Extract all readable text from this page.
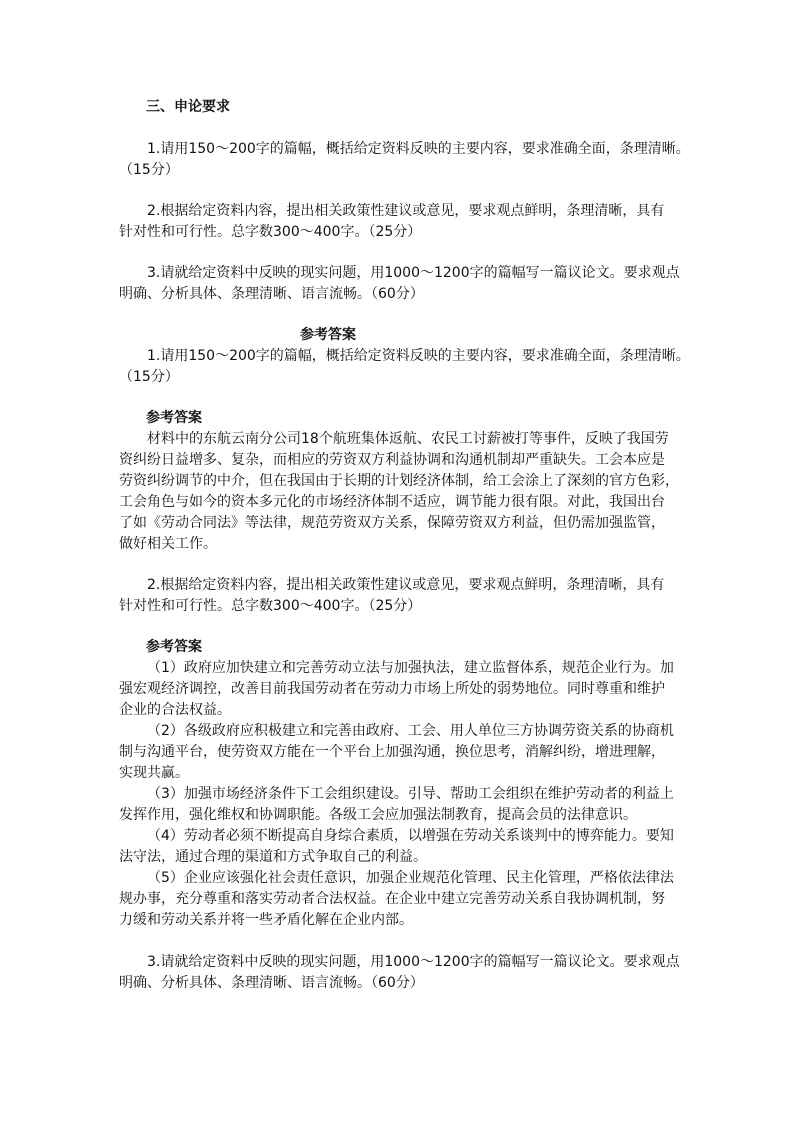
三、申论要求
1.请用150～200字的篇幅，概括给定资料反映的主要内容，要求准确全面，条理清晰。
（15分）
2.根据给定资料内容，提出相关政策性建议或意见，要求观点鲜明，条理清晰，具有
针对性和可行性。总字数300～400字。（25分）
3.请就给定资料中反映的现实问题，用1000～1200字的篇幅写一篇议论文。要求观点
明确、分析具体、条理清晰、语言流畅。（60分）
参考答案
1.请用150～200字的篇幅，概括给定资料反映的主要内容，要求准确全面，条理清晰。
（15分）
参考答案
材料中的东航云南分公司18个航班集体返航、农民工讨薪被打等事件，反映了我国劳
资纠纷日益增多、复杂，而相应的劳资双方利益协调和沟通机制却严重缺失。工会本应是
劳资纠纷调节的中介，但在我国由于长期的计划经济体制，给工会涂上了深刻的官方色彩，
工会角色与如今的资本多元化的市场经济体制不适应，调节能力很有限。对此，我国出台
了如《劳动合同法》等法律，规范劳资双方关系，保障劳资双方利益，但仍需加强监管，
做好相关工作。
2.根据给定资料内容，提出相关政策性建议或意见，要求观点鲜明，条理清晰，具有
针对性和可行性。总字数300～400字。（25分）
参考答案
（1）政府应加快建立和完善劳动立法与加强执法，建立监督体系，规范企业行为。加
强宏观经济调控，改善目前我国劳动者在劳动力市场上所处的弱势地位。同时尊重和维护
企业的合法权益。
（2）各级政府应积极建立和完善由政府、工会、用人单位三方协调劳资关系的协商机
制与沟通平台，使劳资双方能在一个平台上加强沟通，换位思考，消解纠纷，增进理解，
实现共赢。
（3）加强市场经济条件下工会组织建设。引导、帮助工会组织在维护劳动者的利益上
发挥作用，强化维权和协调职能。各级工会应加强法制教育，提高会员的法律意识。
（4）劳动者必须不断提高自身综合素质，以增强在劳动关系谈判中的博弈能力。要知
法守法，通过合理的渠道和方式争取自己的利益。
（5）企业应该强化社会责任意识，加强企业规范化管理、民主化管理，严格依法律法
规办事，充分尊重和落实劳动者合法权益。在企业中建立完善劳动关系自我协调机制，努
力缓和劳动关系并将一些矛盾化解在企业内部。
3.请就给定资料中反映的现实问题，用1000～1200字的篇幅写一篇议论文。要求观点
明确、分析具体、条理清晰、语言流畅。（60分）
